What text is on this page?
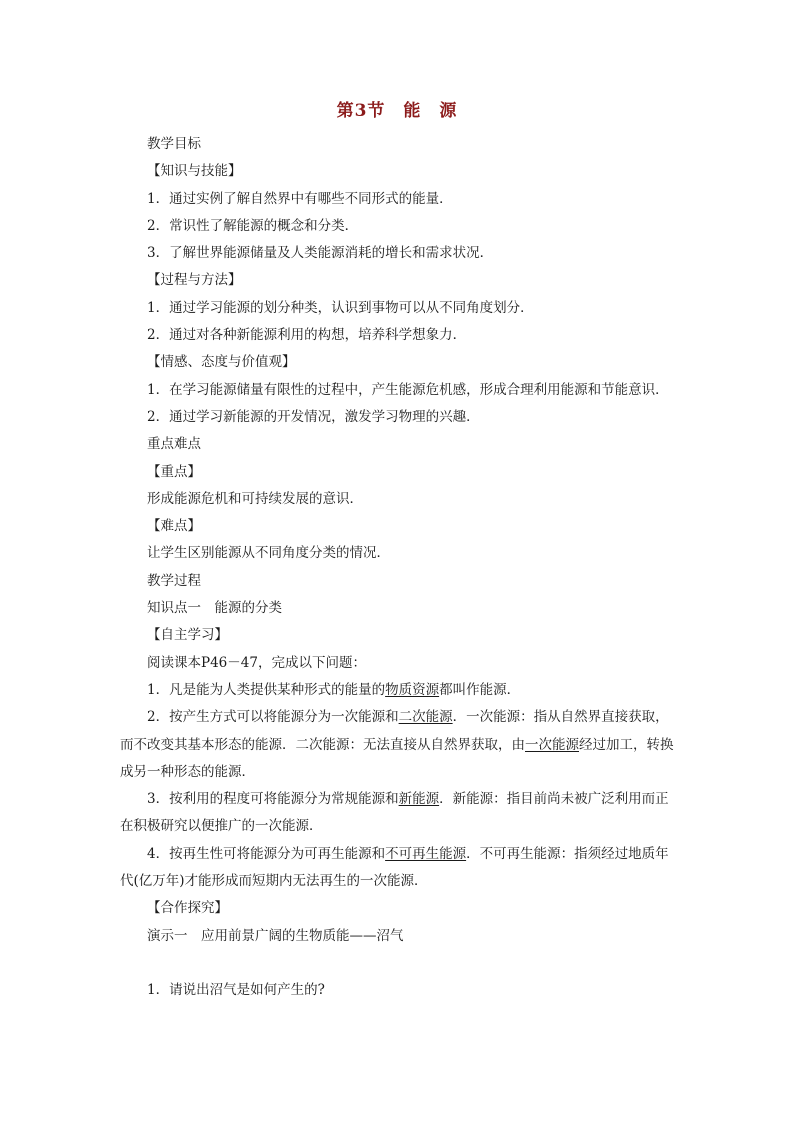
第3节 能 源

教学目标

【知识与技能】

1．通过实例了解自然界中有哪些不同形式的能量．

2．常识性了解能源的概念和分类．

3．了解世界能源储量及人类能源消耗的增长和需求状况．

【过程与方法】

1．通过学习能源的划分种类，认识到事物可以从不同角度划分．

2．通过对各种新能源利用的构想，培养科学想象力．

【情感、态度与价值观】

1．在学习能源储量有限性的过程中，产生能源危机感，形成合理利用能源和节能意识．

2．通过学习新能源的开发情况，激发学习物理的兴趣．

重点难点

【重点】

形成能源危机和可持续发展的意识．

【难点】

让学生区别能源从不同角度分类的情况．

教学过程

知识点一　能源的分类

【自主学习】

阅读课本P46－47，完成以下问题：

1．凡是能为人类提供某种形式的能量的物质资源都叫作能源．

2．按产生方式可以将能源分为一次能源和二次能源．一次能源：指从自然界直接获取，而不改变其基本形态的能源．二次能源：无法直接从自然界获取，由一次能源经过加工，转换成另一种形态的能源．

3．按利用的程度可将能源分为常规能源和新能源．新能源：指目前尚未被广泛利用而正在积极研究以便推广的一次能源．

4．按再生性可将能源分为可再生能源和不可再生能源．不可再生能源：指须经过地质年代(亿万年)才能形成而短期内无法再生的一次能源．

【合作探究】

演示一　应用前景广阔的生物质能——沼气

1．请说出沼气是如何产生的?
